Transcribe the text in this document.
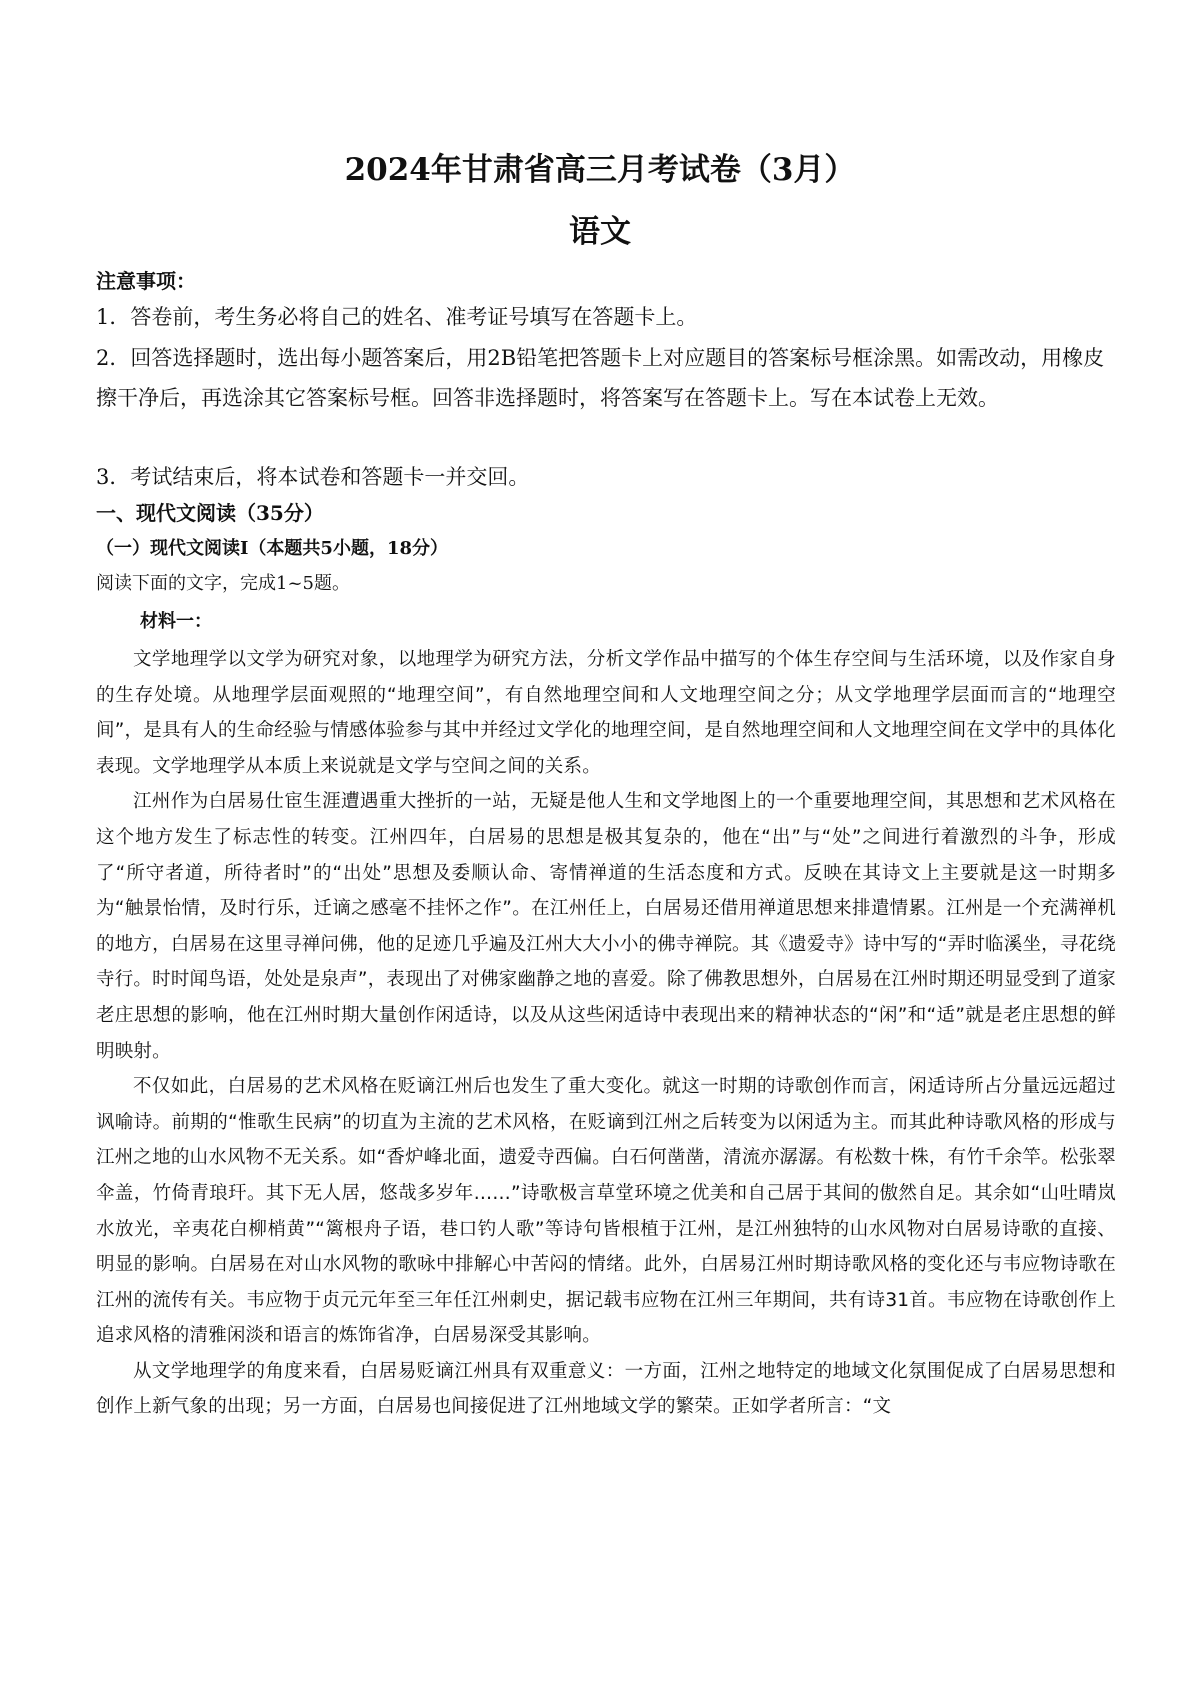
2024年甘肃省高三月考试卷（3月）
语文
注意事项：
1．答卷前，考生务必将自己的姓名、准考证号填写在答题卡上。
2．回答选择题时，选出每小题答案后，用2B铅笔把答题卡上对应题目的答案标号框涂黑。如需改动，用橡皮擦干净后，再选涂其它答案标号框。回答非选择题时，将答案写在答题卡上。写在本试卷上无效。
3．考试结束后，将本试卷和答题卡一并交回。
一、现代文阅读（35分）
（一）现代文阅读Ⅰ（本题共5小题，18分）
阅读下面的文字，完成1~5题。
材料一：

文学地理学以文学为研究对象，以地理学为研究方法，分析文学作品中描写的个体生存空间与生活环境，以及作家自身的生存处境。从地理学层面观照的“地理空间”，有自然地理空间和人文地理空间之分；从文学地理学层面而言的“地理空间”，是具有人的生命经验与情感体验参与其中并经过文学化的地理空间，是自然地理空间和人文地理空间在文学中的具体化表现。文学地理学从本质上来说就是文学与空间之间的关系。

江州作为白居易仕宦生涯遭遇重大挫折的一站，无疑是他人生和文学地图上的一个重要地理空间，其思想和艺术风格在这个地方发生了标志性的转变。江州四年，白居易的思想是极其复杂的，他在“出”与“处”之间进行着激烈的斗争，形成了“所守者道，所待者时”的“出处”思想及委顺认命、寄情禅道的生活态度和方式。反映在其诗文上主要就是这一时期多为“触景怡情，及时行乐，迁谪之感毫不挂怀之作”。在江州任上，白居易还借用禅道思想来排遣情累。江州是一个充满禅机的地方，白居易在这里寻禅问佛，他的足迹几乎遍及江州大大小小的佛寺禅院。其《遗爱寺》诗中写的“弄时临溪坐，寻花绕寺行。时时闻鸟语，处处是泉声”，表现出了对佛家幽静之地的喜爱。除了佛教思想外，白居易在江州时期还明显受到了道家老庄思想的影响，他在江州时期大量创作闲适诗，以及从这些闲适诗中表现出来的精神状态的“闲”和“适”就是老庄思想的鲜明映射。

不仅如此，白居易的艺术风格在贬谪江州后也发生了重大变化。就这一时期的诗歌创作而言，闲适诗所占分量远远超过讽喻诗。前期的“惟歌生民病”的切直为主流的艺术风格，在贬谪到江州之后转变为以闲适为主。而其此种诗歌风格的形成与江州之地的山水风物不无关系。如“香炉峰北面，遗爱寺西偏。白石何凿凿，清流亦潺潺。有松数十株，有竹千余竿。松张翠伞盖，竹倚青琅玕。其下无人居，悠哉多岁年……”诗歌极言草堂环境之优美和自己居于其间的傲然自足。其余如“山吐晴岚水放光，辛夷花白柳梢黄”“篱根舟子语，巷口钓人歌”等诗句皆根植于江州，是江州独特的山水风物对白居易诗歌的直接、明显的影响。白居易在对山水风物的歌咏中排解心中苦闷的情绪。此外，白居易江州时期诗歌风格的变化还与韦应物诗歌在江州的流传有关。韦应物于贞元元年至三年任江州刺史，据记载韦应物在江州三年期间，共有诗31首。韦应物在诗歌创作上追求风格的清雅闲淡和语言的炼饰省净，白居易深受其影响。

从文学地理学的角度来看，白居易贬谪江州具有双重意义：一方面，江州之地特定的地域文化氛围促成了白居易思想和创作上新气象的出现；另一方面，白居易也间接促进了江州地域文学的繁荣。正如学者所言：“文
